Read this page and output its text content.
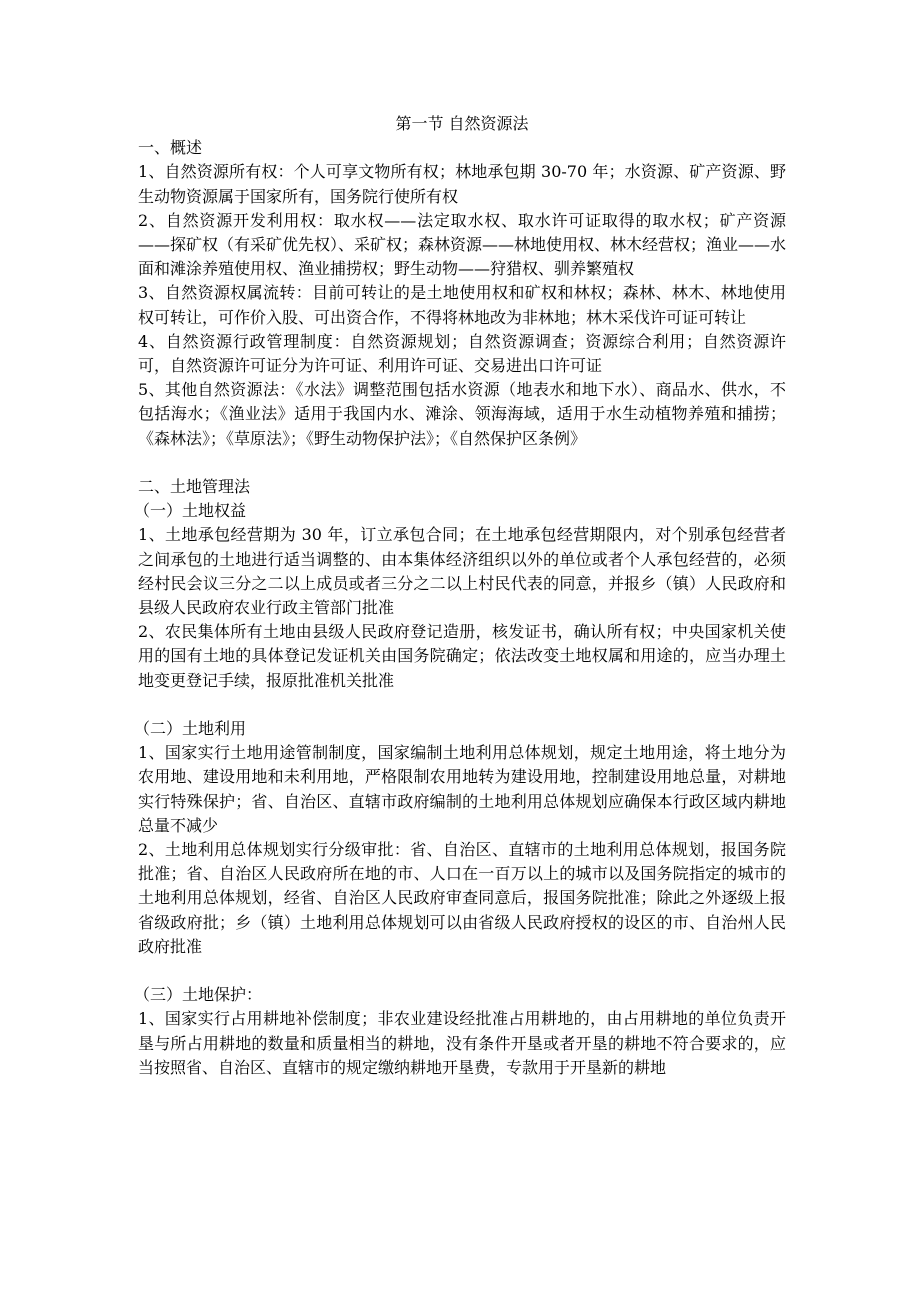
第一节 自然资源法

一、概述

1、自然资源所有权：个人可享文物所有权；林地承包期 30-70 年；水资源、矿产资源、野生动物资源属于国家所有，国务院行使所有权

2、自然资源开发利用权：取水权——法定取水权、取水许可证取得的取水权；矿产资源——探矿权（有采矿优先权）、采矿权；森林资源——林地使用权、林木经营权；渔业——水面和滩涂养殖使用权、渔业捕捞权；野生动物——狩猎权、驯养繁殖权

3、自然资源权属流转：目前可转让的是土地使用权和矿权和林权；森林、林木、林地使用权可转让，可作价入股、可出资合作，不得将林地改为非林地；林木采伐许可证可转让

4、自然资源行政管理制度：自然资源规划；自然资源调查；资源综合利用；自然资源许可，自然资源许可证分为许可证、利用许可证、交易进出口许可证

5、其他自然资源法：《水法》调整范围包括水资源（地表水和地下水）、商品水、供水，不包括海水；《渔业法》适用于我国内水、滩涂、领海海域，适用于水生动植物养殖和捕捞；《森林法》；《草原法》；《野生动物保护法》；《自然保护区条例》

二、土地管理法

（一）土地权益

1、土地承包经营期为 30 年，订立承包合同；在土地承包经营期限内，对个别承包经营者之间承包的土地进行适当调整的、由本集体经济组织以外的单位或者个人承包经营的，必须经村民会议三分之二以上成员或者三分之二以上村民代表的同意，并报乡（镇）人民政府和县级人民政府农业行政主管部门批准

2、农民集体所有土地由县级人民政府登记造册，核发证书，确认所有权；中央国家机关使用的国有土地的具体登记发证机关由国务院确定；依法改变土地权属和用途的，应当办理土地变更登记手续，报原批准机关批准

（二）土地利用

1、国家实行土地用途管制制度，国家编制土地利用总体规划，规定土地用途，将土地分为农用地、建设用地和未利用地，严格限制农用地转为建设用地，控制建设用地总量，对耕地实行特殊保护；省、自治区、直辖市政府编制的土地利用总体规划应确保本行政区域内耕地总量不减少

2、土地利用总体规划实行分级审批：省、自治区、直辖市的土地利用总体规划，报国务院批准；省、自治区人民政府所在地的市、人口在一百万以上的城市以及国务院指定的城市的土地利用总体规划，经省、自治区人民政府审查同意后，报国务院批准；除此之外逐级上报省级政府批；乡（镇）土地利用总体规划可以由省级人民政府授权的设区的市、自治州人民政府批准

（三）土地保护：

1、国家实行占用耕地补偿制度；非农业建设经批准占用耕地的，由占用耕地的单位负责开垦与所占用耕地的数量和质量相当的耕地，没有条件开垦或者开垦的耕地不符合要求的，应当按照省、自治区、直辖市的规定缴纳耕地开垦费，专款用于开垦新的耕地
